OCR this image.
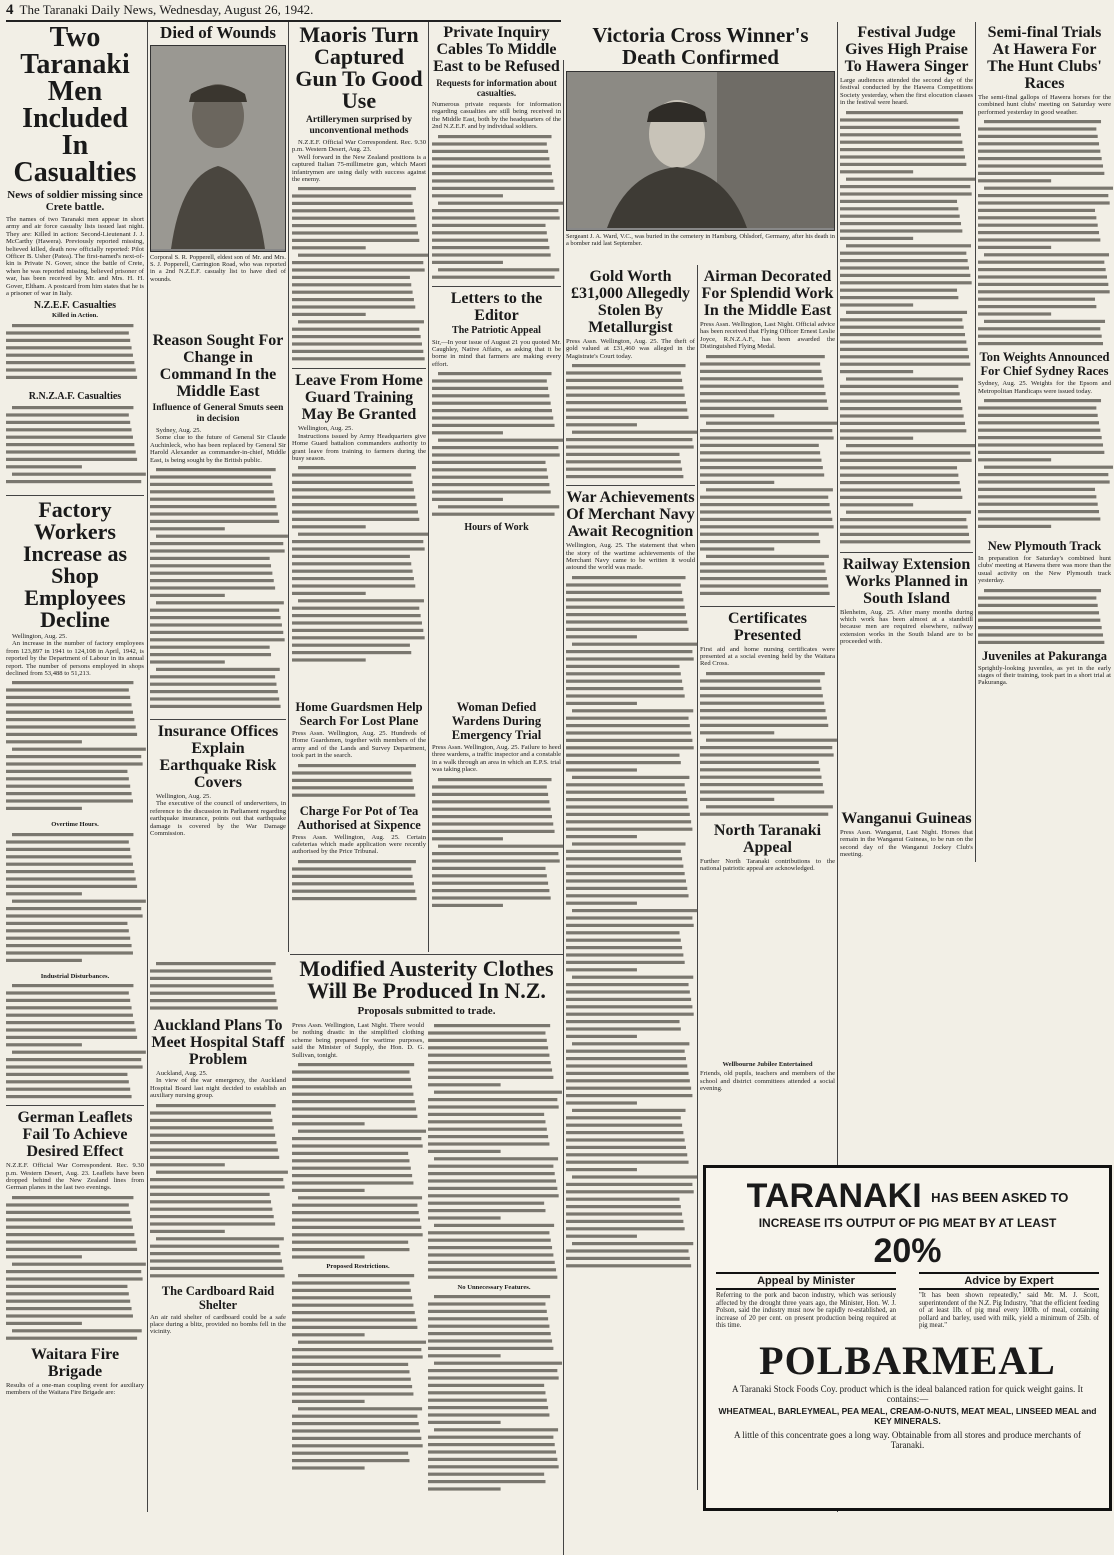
4 The Taranaki Daily News, Wednesday, August 26, 1942.
Two Taranaki Men Included In Casualties
News of soldier missing since Crete battle.
The names of two Taranaki men appear in short army and air force casualty lists issued last night. They are: Killed in action: Second-Lieutenant J. J. McCarthy (Hawera). Previously reported missing, believed killed, death now officially reported: Pilot Officer B. Usher (Patea). The first-named's next-of-kin is Private N. Gover, since the battle of Crete, when he was reported missing, believed prisoner of war, has been received by Mr. and Mrs. H. H. Gover, Eltham. A postcard from him states that he is a prisoner of war in Italy.
N.Z.E.F. Casualties
Killed in Action.
R.N.Z.A.F. Casualties
Factory Workers Increase as Shop Employees Decline

Wellington, Aug. 25.

An increase in the number of factory employees from 123,897 in 1941 to 124,108 in April, 1942, is reported by the Department of Labour in its annual report. The number of persons employed in shops declined from 53,488 to 51,213.

Overtime Hours.
Industrial Disturbances.
German Leaflets Fail To Achieve Desired Effect
N.Z.E.F. Official War Correspondent. Rec. 9.30 p.m. Western Desert, Aug. 23. Leaflets have been dropped behind the New Zealand lines from German planes in the last two evenings.
Waitara Fire Brigade
Results of a one-man coupling event for auxiliary members of the Waitara Fire Brigade are:
Died of Wounds
Corporal S. R. Popperell, eldest son of Mr. and Mrs. S. J. Popperell, Carrington Road, who was reported in a 2nd N.Z.E.F. casualty list to have died of wounds.
Maoris Turn Captured Gun To Good Use
Artillerymen surprised by unconventional methods

N.Z.E.F. Official War Correspondent. Rec. 9.30 p.m. Western Desert, Aug. 23.

Well forward in the New Zealand positions is a captured Italian 75-millimetre gun, which Maori infantrymen are using daily with success against the enemy.

Leave From Home Guard Training May Be Granted

Wellington, Aug. 25.

Instructions issued by Army Headquarters give Home Guard battalion commanders authority to grant leave from training to farmers during the busy season.

Reason Sought For Change in Command In the Middle East
Influence of General Smuts seen in decision

Sydney, Aug. 25.

Some clue to the future of General Sir Claude Auchinleck, who has been replaced by General Sir Harold Alexander as commander-in-chief, Middle East, is being sought by the British public.

Insurance Offices Explain Earthquake Risk Covers

Wellington, Aug. 25.

The executive of the council of underwriters, in reference to the discussion in Parliament regarding earthquake insurance, points out that earthquake damage is covered by the War Damage Commission.

Auckland Plans To Meet Hospital Staff Problem

Auckland, Aug. 25.

In view of the war emergency, the Auckland Hospital Board last night decided to establish an auxiliary nursing group.

The Cardboard Raid Shelter
An air raid shelter of cardboard could be a safe place during a blitz, provided no bombs fell in the vicinity.
Private Inquiry Cables To Middle East to be Refused
Requests for information about casualties.
Numerous private requests for information regarding casualties are still being received in the Middle East, both by the headquarters of the 2nd N.Z.E.F. and by individual soldiers.
Letters to the Editor
The Patriotic Appeal
Sir,—In your issue of August 21 you quoted Mr. Caughley, Native Affairs, as asking that it be borne in mind that farmers are making every effort.
Hours of Work
Home Guardsmen Help Search For Lost Plane
Press Assn. Wellington, Aug. 25. Hundreds of Home Guardsmen, together with members of the army and of the Lands and Survey Department, took part in the search.
Charge For Pot of Tea Authorised at Sixpence
Press Assn. Wellington, Aug. 25. Certain cafeterias which made application were recently authorised by the Price Tribunal.
Woman Defied Wardens During Emergency Trial
Press Assn. Wellington, Aug. 25. Failure to heed three wardens, a traffic inspector and a constable in a walk through an area in which an E.P.S. trial was taking place.
Modified Austerity Clothes Will Be Produced In N.Z.
Proposals submitted to trade.
Press Assn. Wellington, Last Night. There would be nothing drastic in the simplified clothing scheme being prepared for wartime purposes, said the Minister of Supply, the Hon. D. G. Sullivan, tonight.
Proposed Restrictions.
No Unnecessary Features.
Victoria Cross Winner's Death Confirmed
Sergeant J. A. Ward, V.C., was buried in the cemetery in Hamburg, Ohlsdorf, Germany, after his death in a bomber raid last September.
Gold Worth £31,000 Allegedly Stolen By Metallurgist
Press Assn. Wellington, Aug. 25. The theft of gold valued at £31,460 was alleged in the Magistrate's Court today.
War Achievements Of Merchant Navy Await Recognition
Wellington, Aug. 25. The statement that when the story of the wartime achievements of the Merchant Navy came to be written it would astound the world was made.
Airman Decorated For Splendid Work In the Middle East
Press Assn. Wellington, Last Night. Official advice has been received that Flying Officer Ernest Leslie Joyce, R.N.Z.A.F., has been awarded the Distinguished Flying Medal.
Certificates Presented
First aid and home nursing certificates were presented at a social evening held by the Waitara Red Cross.
North Taranaki Appeal
Further North Taranaki contributions to the national patriotic appeal are acknowledged.
Wellbourne Jubilee Entertained
Friends, old pupils, teachers and members of the school and district committees attended a social evening.
Festival Judge Gives High Praise To Hawera Singer
Large audiences attended the second day of the festival conducted by the Hawera Competitions Society yesterday, when the first elocution classes in the festival were heard.
Railway Extension Works Planned in South Island
Blenheim, Aug. 25. After many months during which work has been almost at a standstill because men are required elsewhere, railway extension works in the South Island are to be proceeded with.
Wanganui Guineas
Press Assn. Wanganui, Last Night. Horses that remain in the Wanganui Guineas, to be run on the second day of the Wanganui Jockey Club's meeting.
Semi-final Trials At Hawera For The Hunt Clubs' Races
The semi-final gallops of Hawera horses for the combined hunt clubs' meeting on Saturday were performed yesterday in good weather.
Ton Weights Announced For Chief Sydney Races
Sydney, Aug. 25. Weights for the Epsom and Metropolitan Handicaps were issued today.
New Plymouth Track
In preparation for Saturday's combined hunt clubs' meeting at Hawera there was more than the usual activity on the New Plymouth track yesterday.
Juveniles at Pakuranga
Sprightly-looking juveniles, as yet in the early stages of their training, took part in a short trial at Pakuranga.
TARANAKI HAS BEEN ASKED TO
INCREASE ITS OUTPUT OF PIG MEAT BY AT LEAST
20%
Appeal by Minister
Referring to the pork and bacon industry, which was seriously affected by the drought three years ago, the Minister, Hon. W. J. Polson, said the industry must now be rapidly re-established, an increase of 20 per cent. on present production being required at this time.
Advice by Expert
"It has been shown repeatedly," said Mr. M. J. Scott, superintendent of the N.Z. Pig Industry, "that the efficient feeding of at least 1lb. of pig meal every 100lb. of meal, containing pollard and barley, used with milk, yield a minimum of 25lb. of pig meat."
POLBARMEAL
A Taranaki Stock Foods Coy. product which is the ideal balanced ration for quick weight gains. It contains:—
WHEATMEAL, BARLEYMEAL, PEA MEAL, CREAM-O-NUTS, MEAT MEAL, LINSEED MEAL and KEY MINERALS.
A little of this concentrate goes a long way. Obtainable from all stores and produce merchants of Taranaki.
